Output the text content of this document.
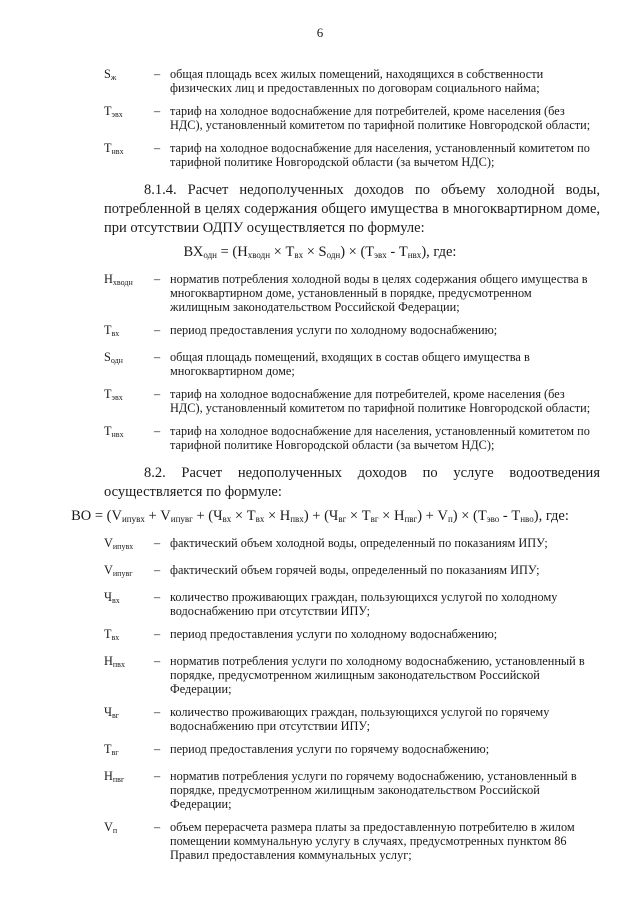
6
$S_ж$	– общая площадь всех жилых помещений, находящихся в собственности физических лиц и предоставленных по договорам социального найма;
$T_{эвх}$	– тариф на холодное водоснабжение для потребителей, кроме населения (без НДС), установленный комитетом по тарифной политике Новгородской области;
$T_{нвх}$	– тариф на холодное водоснабжение для населения, установленный комитетом по тарифной политике Новгородской области (за вычетом НДС);
8.1.4. Расчет недополученных доходов по объему холодной воды, потребленной в целях содержания общего имущества в многоквартирном доме, при отсутствии ОДПУ осуществляется по формуле:
$ВХ_{одн} = (Н_{хводн} \times Т_{вх} \times S_{одн}) \times (Т_{эвх} - Т_{нвх})$, где:
$Н_{хводн}$	– норматив потребления холодной воды в целях содержания общего имущества в многоквартирном доме, установленный в порядке, предусмотренном жилищным законодательством Российской Федерации;
$Т_{вх}$	– период предоставления услуги по холодному водоснабжению;
$S_{одн}$	– общая площадь помещений, входящих в состав общего имущества в многоквартирном доме;
$Т_{эвх}$	– тариф на холодное водоснабжение для потребителей, кроме населения (без НДС), установленный комитетом по тарифной политике Новгородской области;
$Т_{нвх}$	– тариф на холодное водоснабжение для населения, установленный комитетом по тарифной политике Новгородской области (за вычетом НДС);
8.2. Расчет недополученных доходов по услуге водоотведения осуществляется по формуле:
ВО = $(V_{ипувх} + V_{ипувг} + (Ч_{вх} \times Т_{вх} \times Н_{пвх}) + (Ч_{вг} \times Т_{вг} \times Н_{пвг}) + V_п) \times (Т_{эво} - Т_{нво})$, где:
$V_{ипувх}$	– фактический объем холодной воды, определенный по показаниям ИПУ;
$V_{ипувг}$	– фактический объем горячей воды, определенный по показаниям ИПУ;
$Ч_{вх}$	– количество проживающих граждан, пользующихся услугой по холодному водоснабжению при отсутствии ИПУ;
$Т_{вх}$	– период предоставления услуги по холодному водоснабжению;
$Н_{пвх}$	– норматив потребления услуги по холодному водоснабжению, установленный в порядке, предусмотренном жилищным законодательством Российской Федерации;
$Ч_{вг}$	– количество проживающих граждан, пользующихся услугой по горячему водоснабжению при отсутствии ИПУ;
$Т_{вг}$	– период предоставления услуги по горячему водоснабжению;
$Н_{пвг}$	– норматив потребления услуги по горячему водоснабжению, установленный в порядке, предусмотренном жилищным законодательством Российской Федерации;
$V_п$	– объем перерасчета размера платы за предоставленную потребителю в жилом помещении коммунальную услугу в случаях, предусмотренных пунктом 86 Правил предоставления коммунальных услуг;
